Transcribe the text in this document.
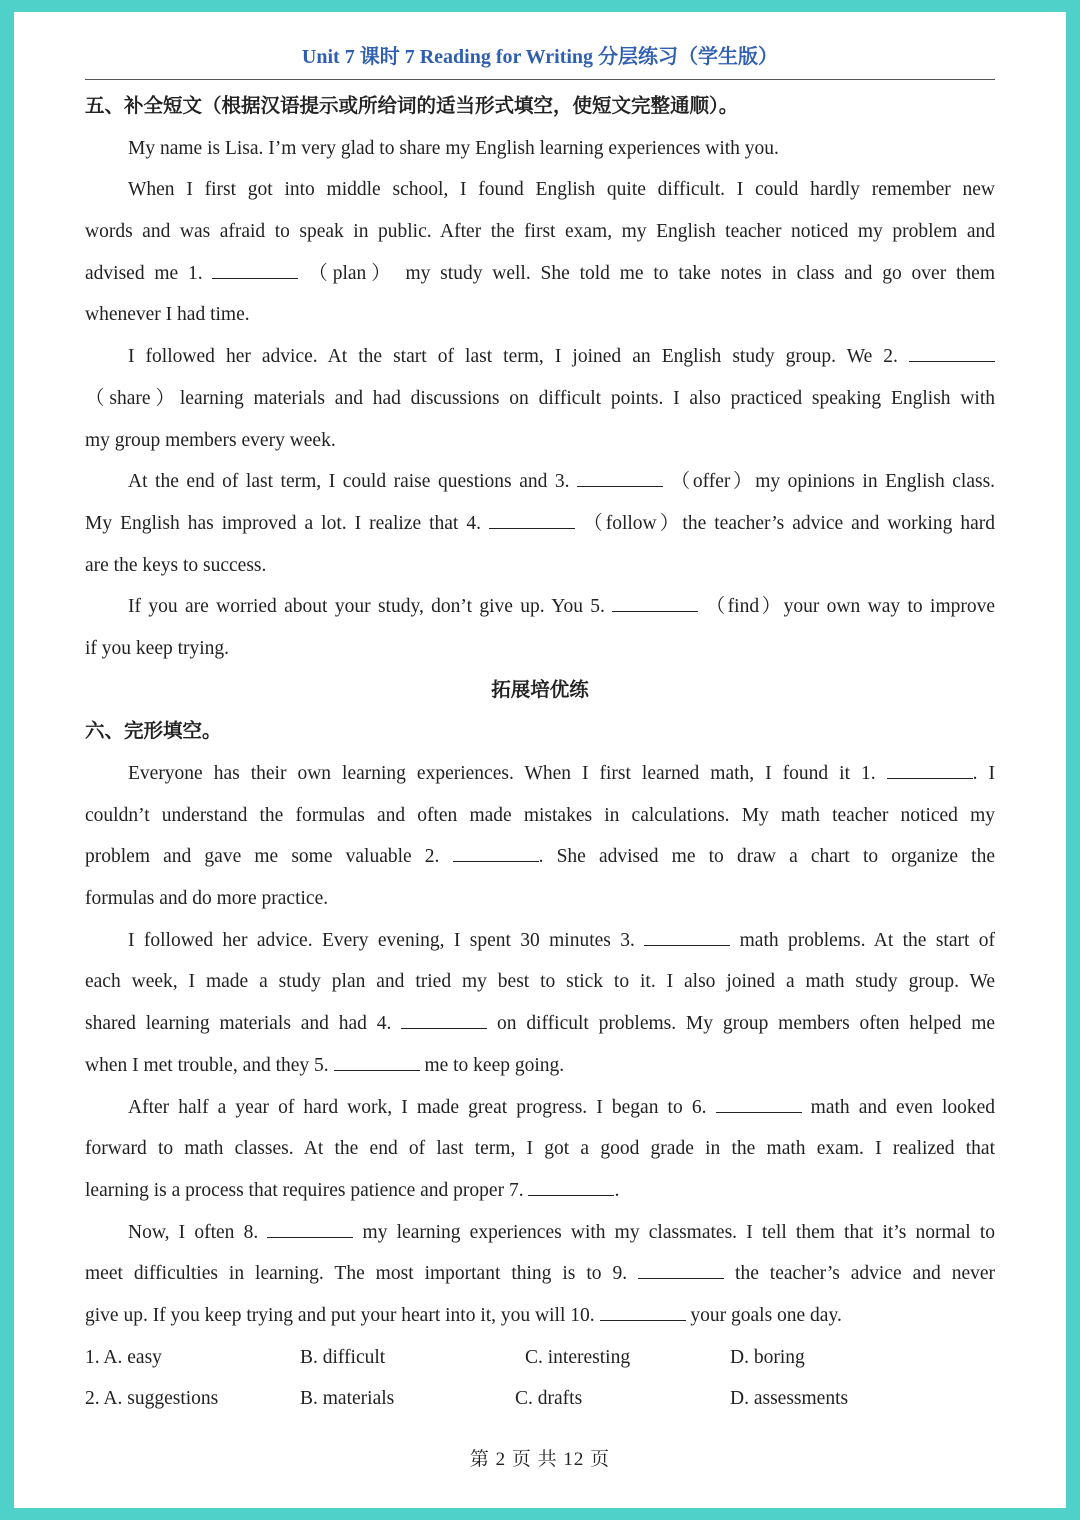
Unit 7 课时 7 Reading for Writing 分层练习（学生版）
五、补全短文（根据汉语提示或所给词的适当形式填空，使短文完整通顺）。
My name is Lisa. I’m very glad to share my English learning experiences with you.
When I first got into middle school, I found English quite difficult. I could hardly remember new
words and was afraid to speak in public. After the first exam, my English teacher noticed my problem and
advised me 1.	（plan） my study well. She told me to take notes in class and go over them
whenever I had time.
I followed her advice. At the start of last term, I joined an English study group. We 2.
（share）learning materials and had discussions on difficult points. I also practiced speaking English with
my group members every week.
At the end of last term, I could raise questions and 3.	（offer）my opinions in English class.
My English has improved a lot. I realize that 4.	（follow）the teacher’s advice and working hard
are the keys to success.
If you are worried about your study, don’t give up. You 5.	（find）your own way to improve
if you keep trying.
拓展培优练
六、完形填空。
Everyone has their own learning experiences. When I first learned math, I found it 1.	. I
couldn’t understand the formulas and often made mistakes in calculations. My math teacher noticed my
problem and gave me some valuable 2.	. She advised me to draw a chart to organize the
formulas and do more practice.
I followed her advice. Every evening, I spent 30 minutes 3.	math problems. At the start of
each week, I made a study plan and tried my best to stick to it. I also joined a math study group. We
shared learning materials and had 4.	on difficult problems. My group members often helped me
when I met trouble, and they 5.	me to keep going.
After half a year of hard work, I made great progress. I began to 6.	math and even looked
forward to math classes. At the end of last term, I got a good grade in the math exam. I realized that
learning is a process that requires patience and proper 7.	.
Now, I often 8.	my learning experiences with my classmates. I tell them that it’s normal to
meet difficulties in learning. The most important thing is to 9.	the teacher’s advice and never
give up. If you keep trying and put your heart into it, you will 10.	your goals one day.
1. A. easy	B. difficult	C. interesting	D. boring
2. A. suggestions	B. materials	C. drafts	D. assessments
第 2 页 共 12 页
